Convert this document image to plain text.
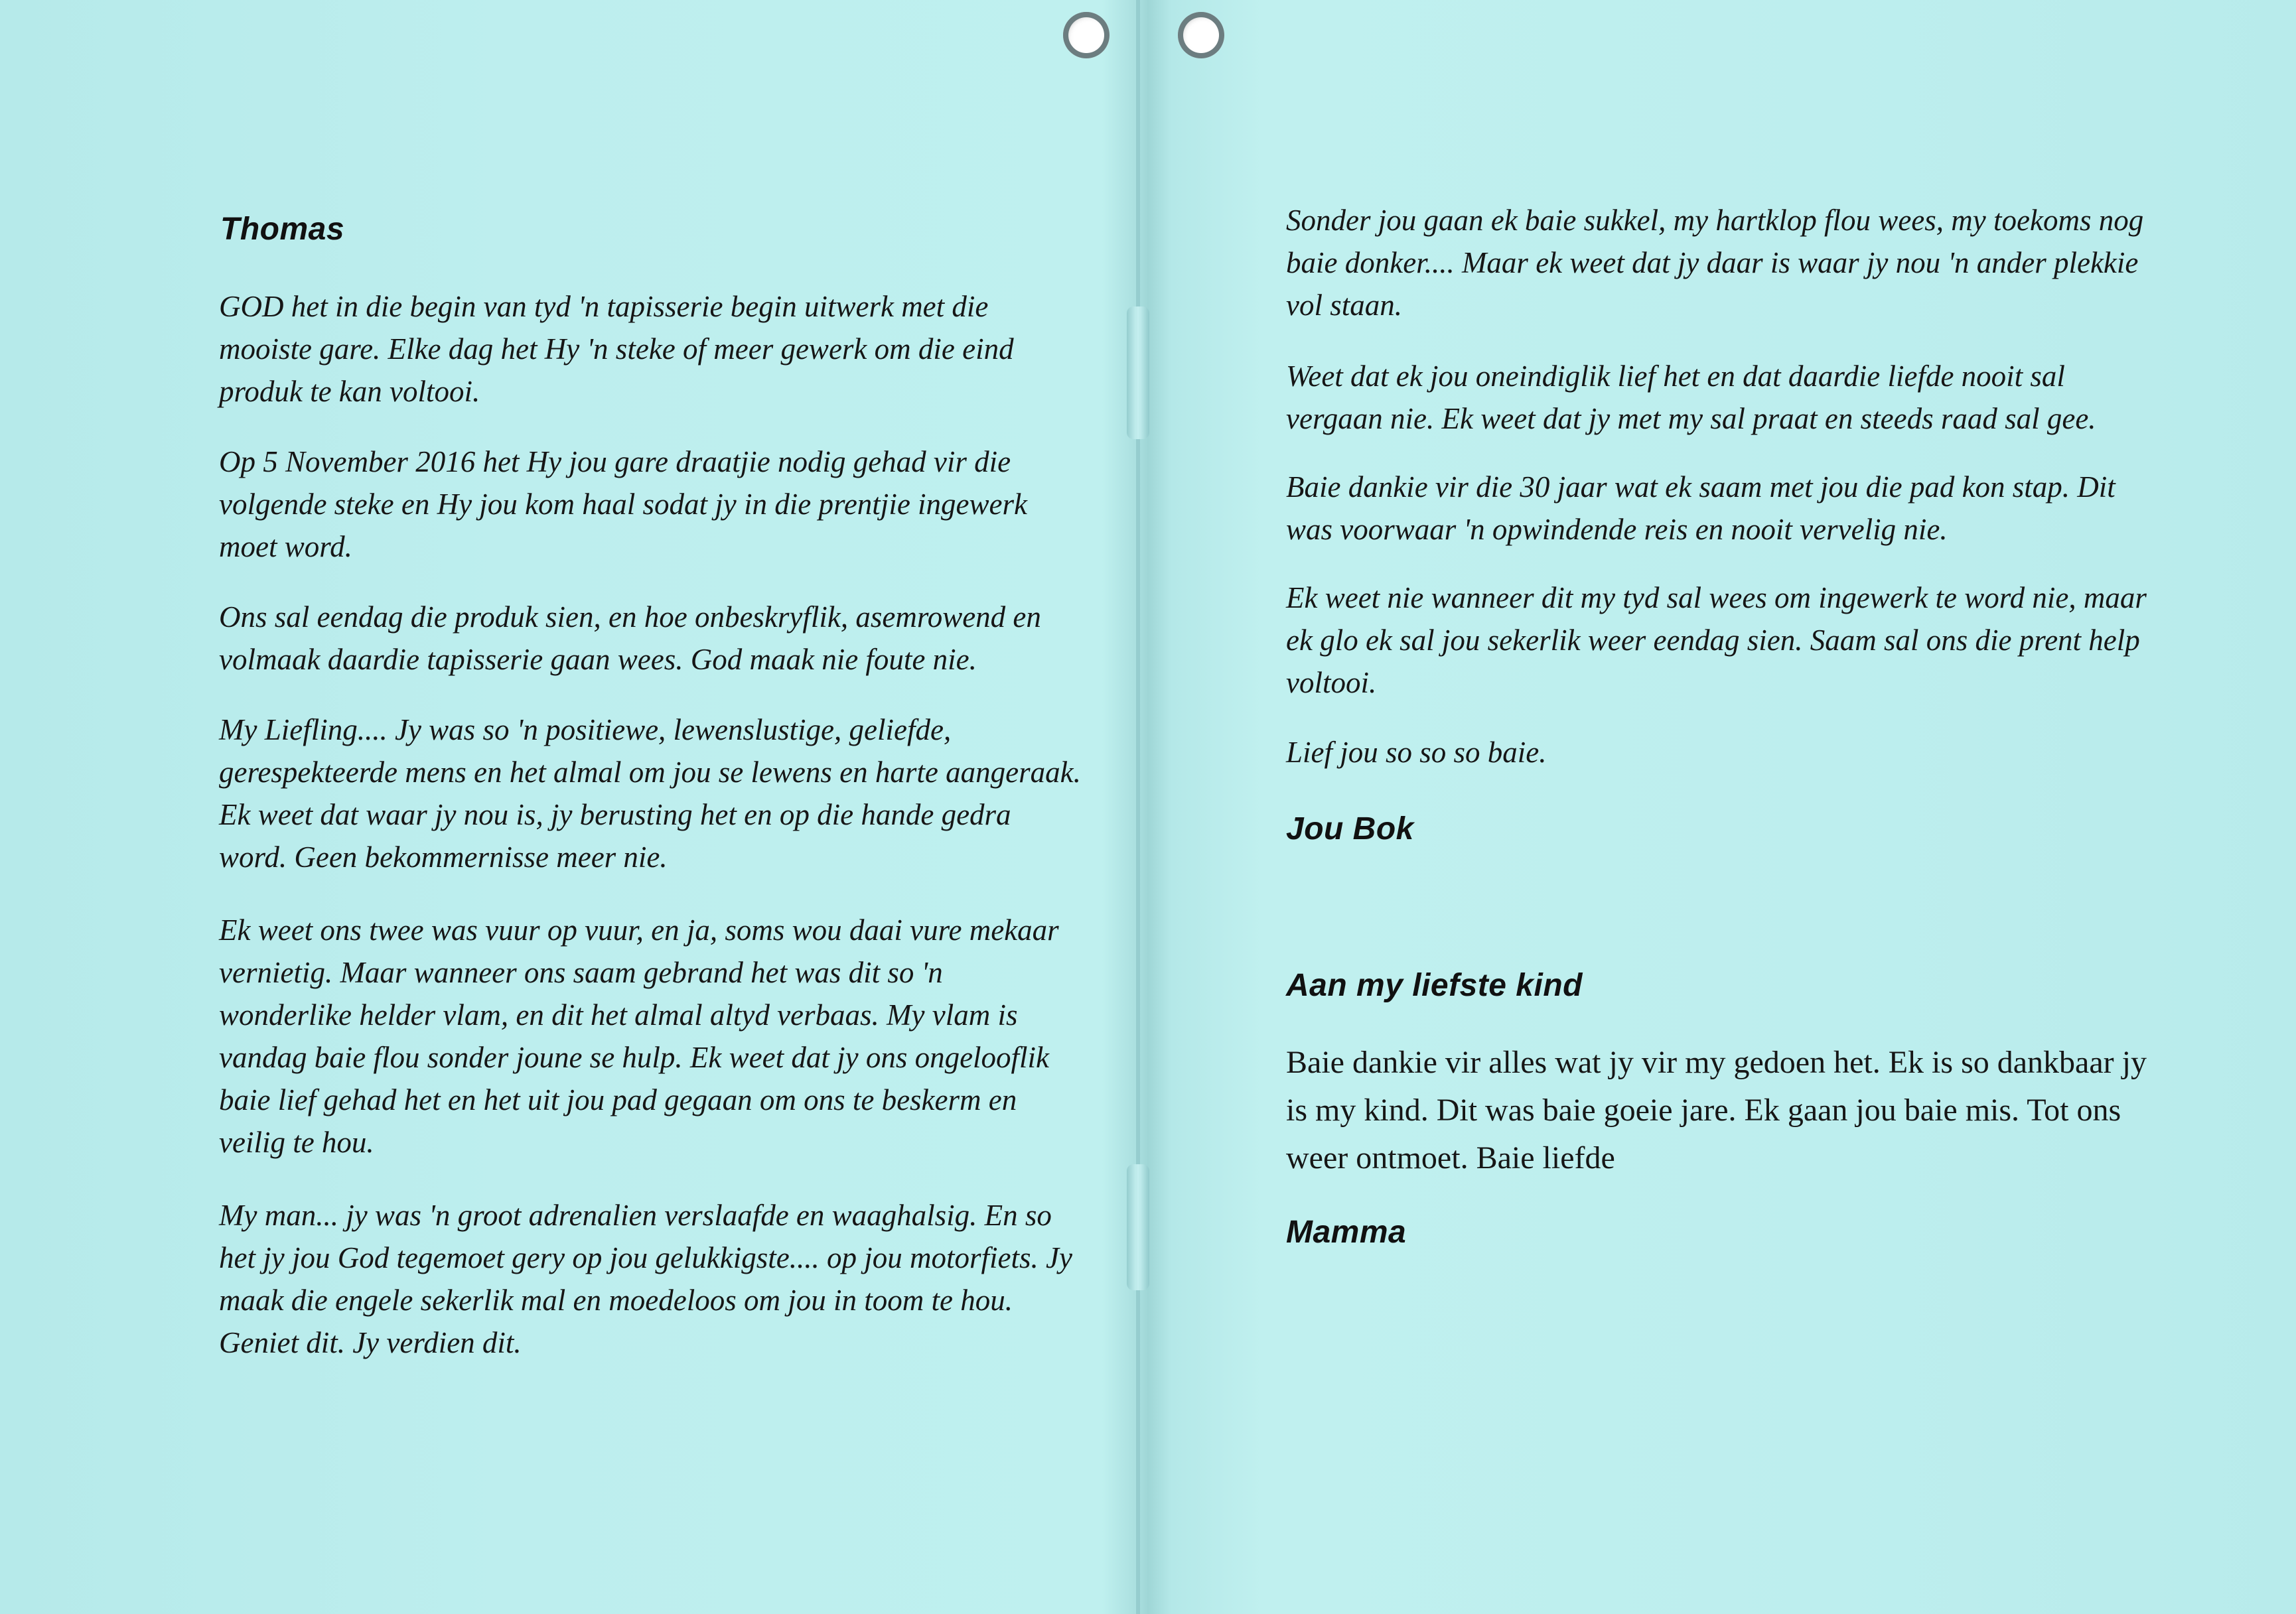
Thomas
GOD het in die begin van tyd 'n tapisserie begin uitwerk met die
mooiste gare. Elke dag het Hy 'n steke of meer gewerk om die eind
produk te kan voltooi.
Op 5 November 2016 het Hy jou gare draatjie nodig gehad vir die
volgende steke en Hy jou kom haal sodat jy in die prentjie ingewerk
moet word.
Ons sal eendag die produk sien, en hoe onbeskryflik, asemrowend en
volmaak daardie tapisserie gaan wees. God maak nie foute nie.
My Liefling.... Jy was so 'n positiewe, lewenslustige, geliefde,
gerespekteerde mens en het almal om jou se lewens en harte aangeraak.
Ek weet dat waar jy nou is, jy berusting het en op die hande gedra
word. Geen bekommernisse meer nie.
Ek weet ons twee was vuur op vuur, en ja, soms wou daai vure mekaar
vernietig. Maar wanneer ons saam gebrand het was dit so 'n
wonderlike helder vlam, en dit het almal altyd verbaas. My vlam is
vandag baie flou sonder joune se hulp. Ek weet dat jy ons ongelooflik
baie lief gehad het en het uit jou pad gegaan om ons te beskerm en
veilig te hou.
My man... jy was 'n groot adrenalien verslaafde en waaghalsig. En so
het jy jou God tegemoet gery op jou gelukkigste.... op jou motorfiets. Jy
maak die engele sekerlik mal en moedeloos om jou in toom te hou.
Geniet dit. Jy verdien dit.
Sonder jou gaan ek baie sukkel, my hartklop flou wees, my toekoms nog
baie donker.... Maar ek weet dat jy daar is waar jy nou 'n ander plekkie
vol staan.
Weet dat ek jou oneindiglik lief het en dat daardie liefde nooit sal
vergaan nie. Ek weet dat jy met my sal praat en steeds raad sal gee.
Baie dankie vir die 30 jaar wat ek saam met jou die pad kon stap. Dit
was voorwaar 'n opwindende reis en nooit vervelig nie.
Ek weet nie wanneer dit my tyd sal wees om ingewerk te word nie, maar
ek glo ek sal jou sekerlik weer eendag sien. Saam sal ons die prent help
voltooi.
Lief jou so so so baie.
Jou Bok
Aan my liefste kind
Baie dankie vir alles wat jy vir my gedoen het. Ek is so dankbaar jy
is my kind. Dit was baie goeie jare. Ek gaan jou baie mis. Tot ons
weer ontmoet. Baie liefde
Mamma
